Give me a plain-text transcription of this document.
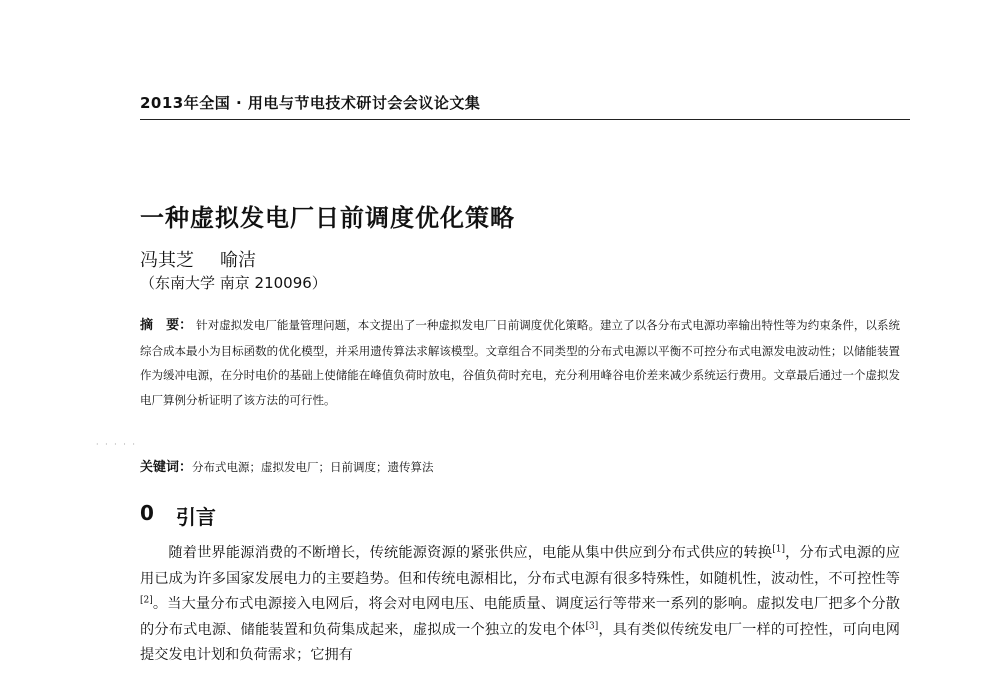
2013年全国 · 用电与节电技术研讨会会议论文集
一种虚拟发电厂日前调度优化策略
冯其芝 喻洁
（东南大学 南京 210096）
摘　要： 针对虚拟发电厂能量管理问题，本文提出了一种虚拟发电厂日前调度优化策略。建立了以各分布式电源功率输出特性等为约束条件，以系统综合成本最小为目标函数的优化模型，并采用遗传算法求解该模型。文章组合不同类型的分布式电源以平衡不可控分布式电源发电波动性；以储能装置作为缓冲电源，在分时电价的基础上使储能在峰值负荷时放电，谷值负荷时充电，充分利用峰谷电价差来减少系统运行费用。文章最后通过一个虚拟发电厂算例分析证明了该方法的可行性。
· · · · ·
关键词：分布式电源；虚拟发电厂；日前调度；遗传算法
0 引言

随着世界能源消费的不断增长，传统能源资源的紧张供应，电能从集中供应到分布式供应的转换[1]，分布式电源的应用已成为许多国家发展电力的主要趋势。但和传统电源相比，分布式电源有很多特殊性，如随机性，波动性，不可控性等[2]。当大量分布式电源接入电网后，将会对电网电压、电能质量、调度运行等带来一系列的影响。虚拟发电厂把多个分散的分布式电源、储能装置和负荷集成起来，虚拟成一个独立的发电个体[3]，具有类似传统发电厂一样的可控性，可向电网提交发电计划和负荷需求；它拥有
